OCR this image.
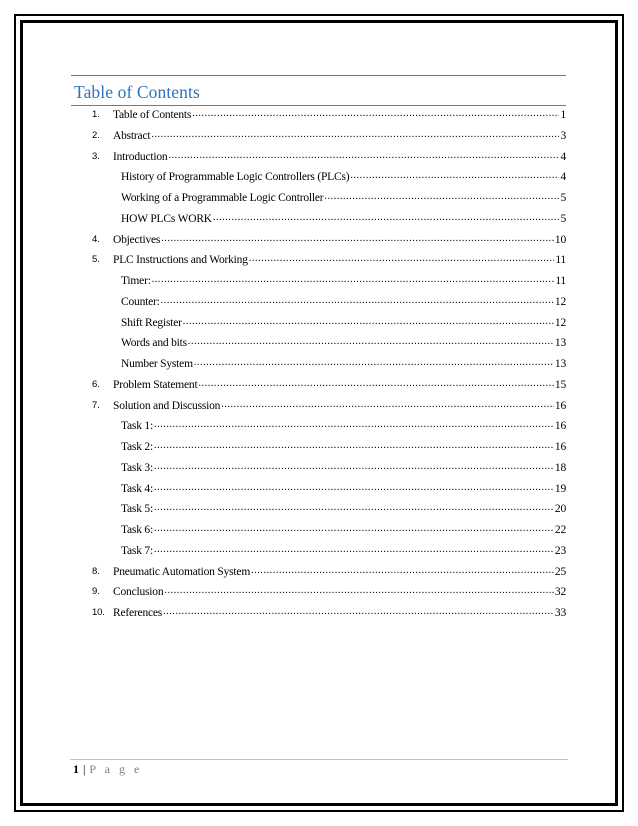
Table of Contents
1. Table of Contents .....	1
2. Abstract .....	3
3. Introduction .....	4
History of Programmable Logic Controllers (PLCs) .....	4
Working of a Programmable Logic Controller .....	5
HOW PLCs WORK .....	5
4. Objectives .....	10
5. PLC Instructions and Working .....	11
Timer: .....	11
Counter: .....	12
Shift Register .....	12
Words and bits .....	13
Number System .....	13
6. Problem Statement .....	15
7. Solution and Discussion .....	16
Task 1: .....	16
Task 2: .....	16
Task 3: .....	18
Task 4: .....	19
Task 5: .....	20
Task 6: .....	22
Task 7: .....	23
8. Pneumatic Automation System .....	25
9. Conclusion .....	32
10. References .....	33
1 | P a g e
